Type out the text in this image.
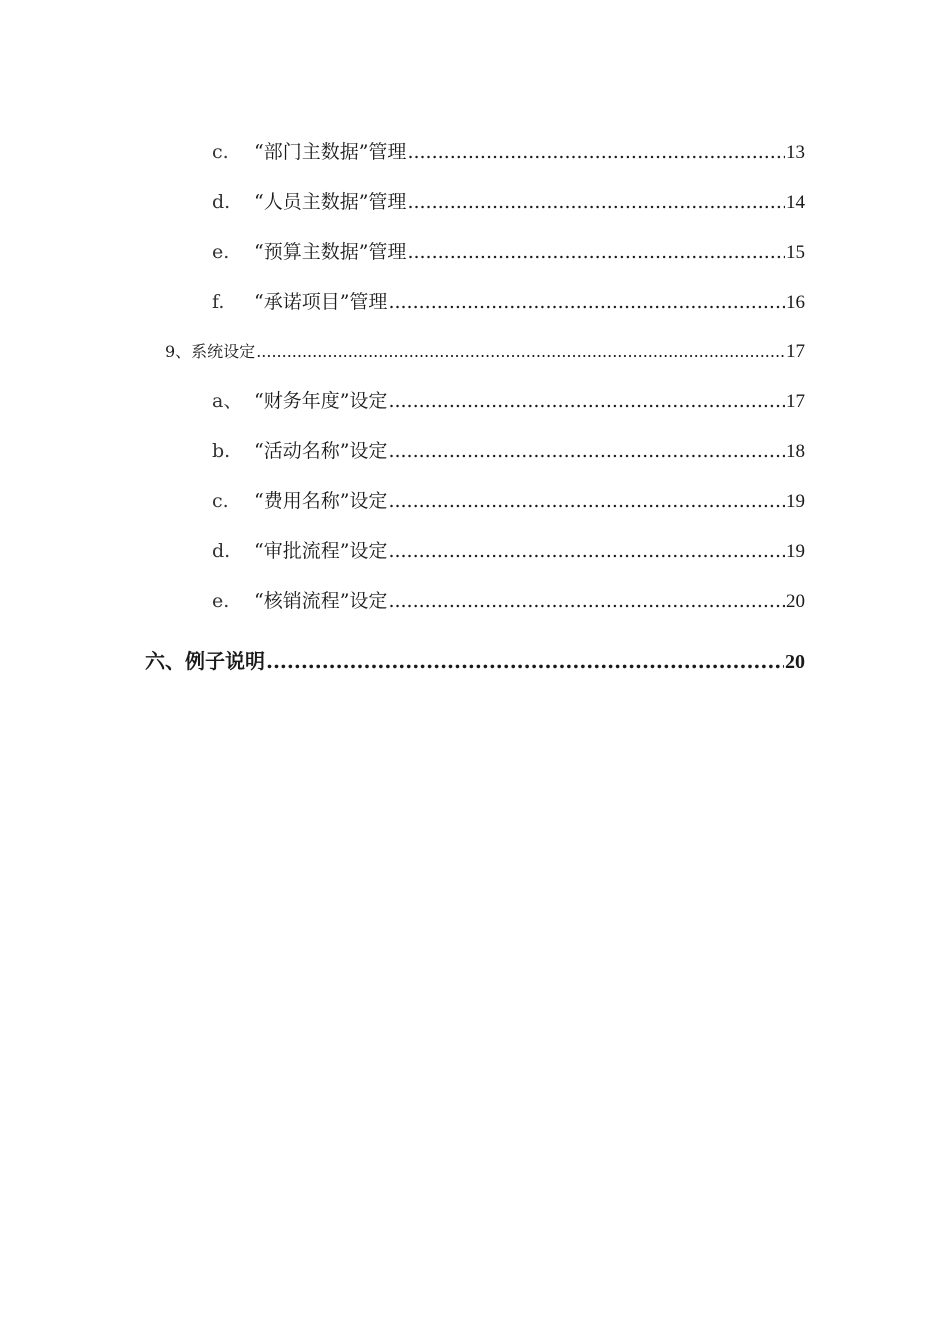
c. “部门主数据”管理 .....	13
d. “人员主数据”管理 .....	14
e. “预算主数据”管理 .....	15
f. “承诺项目”管理 .....	16
9、系统设定 .....	17
a、 “财务年度”设定 .....	17
b. “活动名称”设定 .....	18
c. “费用名称”设定 .....	19
d. “审批流程”设定 .....	19
e. “核销流程”设定 .....	20
六、例子说明 .....	20
